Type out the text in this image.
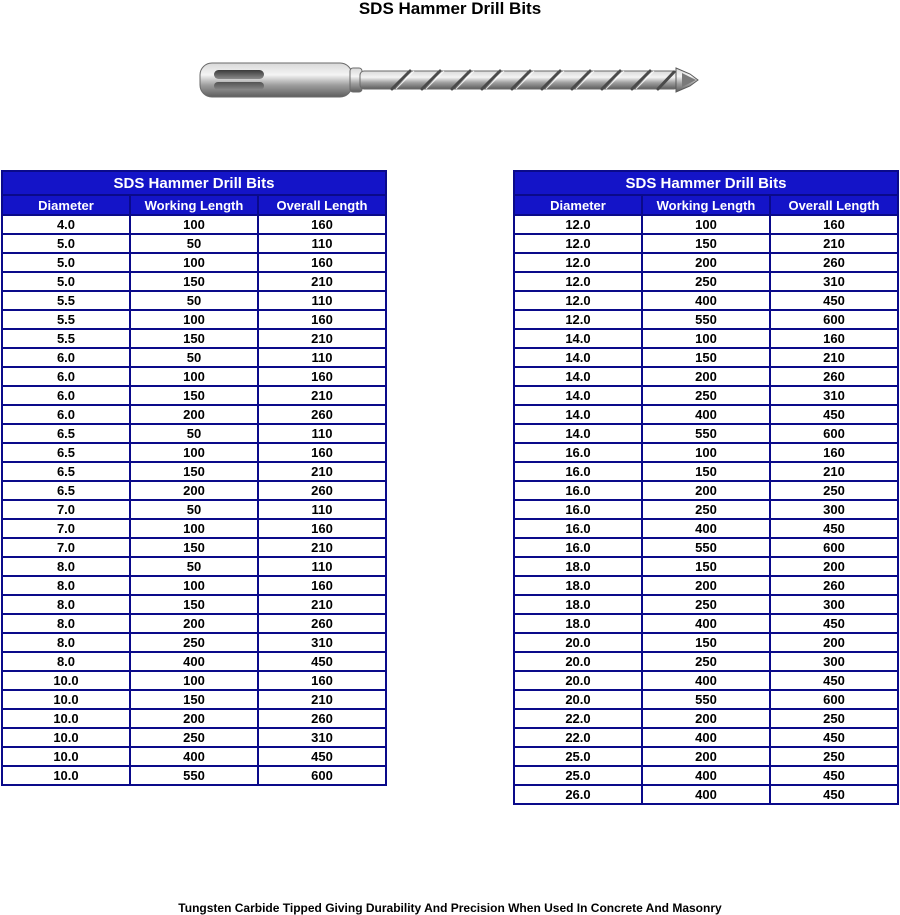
SDS Hammer Drill Bits
SDS Hammer Drill Bits		
Diameter	Working Length	Overall Length
4.0	100	160
5.0	50	110
5.0	100	160
5.0	150	210
5.5	50	110
5.5	100	160
5.5	150	210
6.0	50	110
6.0	100	160
6.0	150	210
6.0	200	260
6.5	50	110
6.5	100	160
6.5	150	210
6.5	200	260
7.0	50	110
7.0	100	160
7.0	150	210
8.0	50	110
8.0	100	160
8.0	150	210
8.0	200	260
8.0	250	310
8.0	400	450
10.0	100	160
10.0	150	210
10.0	200	260
10.0	250	310
10.0	400	450
10.0	550	600
SDS Hammer Drill Bits		
Diameter	Working Length	Overall Length
12.0	100	160
12.0	150	210
12.0	200	260
12.0	250	310
12.0	400	450
12.0	550	600
14.0	100	160
14.0	150	210
14.0	200	260
14.0	250	310
14.0	400	450
14.0	550	600
16.0	100	160
16.0	150	210
16.0	200	250
16.0	250	300
16.0	400	450
16.0	550	600
18.0	150	200
18.0	200	260
18.0	250	300
18.0	400	450
20.0	150	200
20.0	250	300
20.0	400	450
20.0	550	600
22.0	200	250
22.0	400	450
25.0	200	250
25.0	400	450
26.0	400	450
Tungsten Carbide Tipped Giving Durability And Precision When Used In Concrete And Masonry
